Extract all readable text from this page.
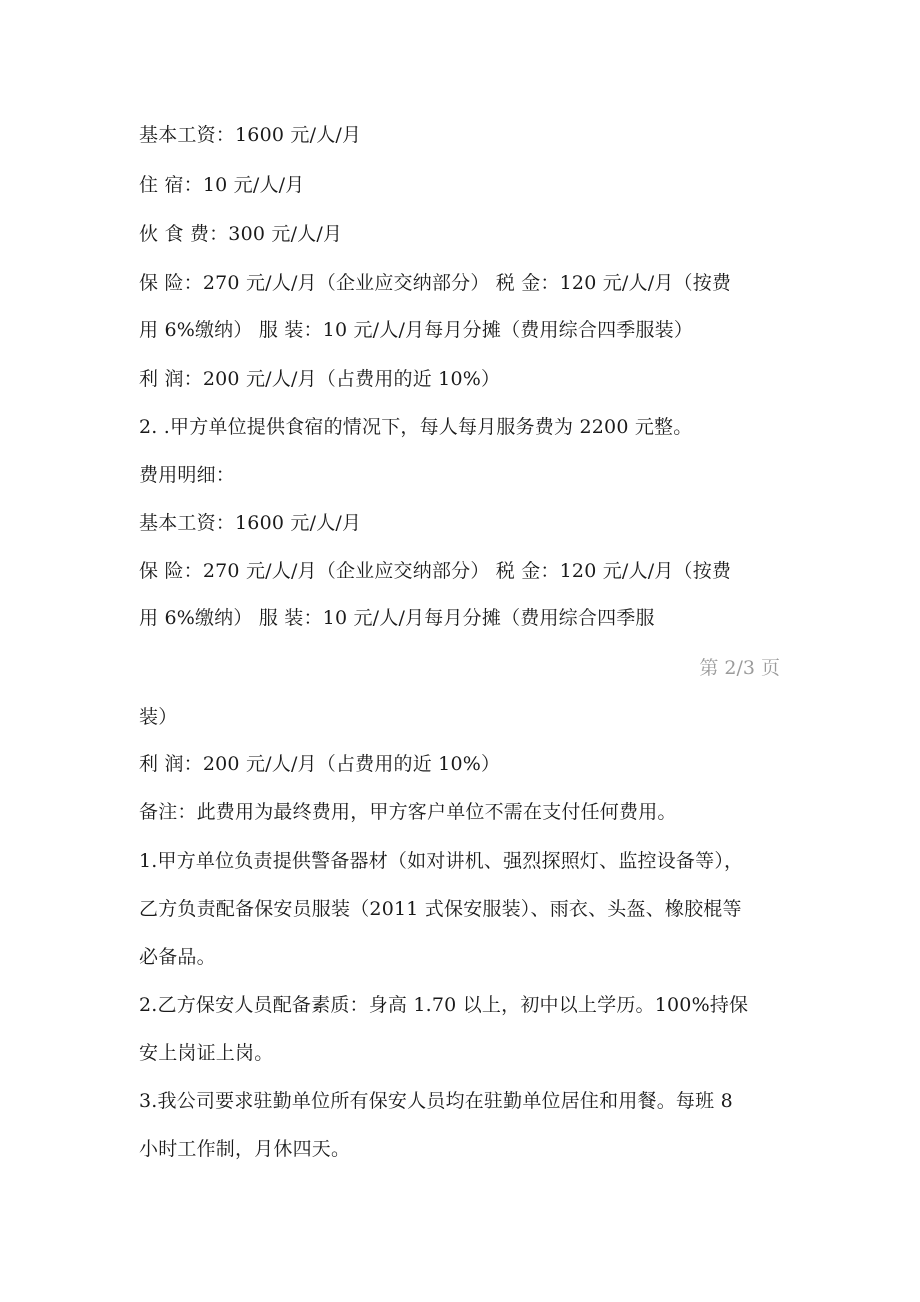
基本工资：1600 元/人/月
住 宿：10 元/人/月
伙 食 费：300 元/人/月
保 险：270 元/人/月（企业应交纳部分） 税 金：120 元/人/月（按费
用 6%缴纳） 服 装：10 元/人/月每月分摊（费用综合四季服装）
利 润：200 元/人/月（占费用的近 10%）
2. .甲方单位提供食宿的情况下，每人每月服务费为 2200 元整。
费用明细：
基本工资：1600 元/人/月
保 险：270 元/人/月（企业应交纳部分） 税 金：120 元/人/月（按费
用 6%缴纳） 服 装：10 元/人/月每月分摊（费用综合四季服
第 2/3 页
装）
利 润：200 元/人/月（占费用的近 10%）
备注：此费用为最终费用，甲方客户单位不需在支付任何费用。
1.甲方单位负责提供警备器材（如对讲机、强烈探照灯、监控设备等），
乙方负责配备保安员服装（2011 式保安服装）、雨衣、头盔、橡胶棍等
必备品。
2.乙方保安人员配备素质：身高 1.70 以上，初中以上学历。100%持保
安上岗证上岗。
3.我公司要求驻勤单位所有保安人员均在驻勤单位居住和用餐。每班 8
小时工作制，月休四天。
